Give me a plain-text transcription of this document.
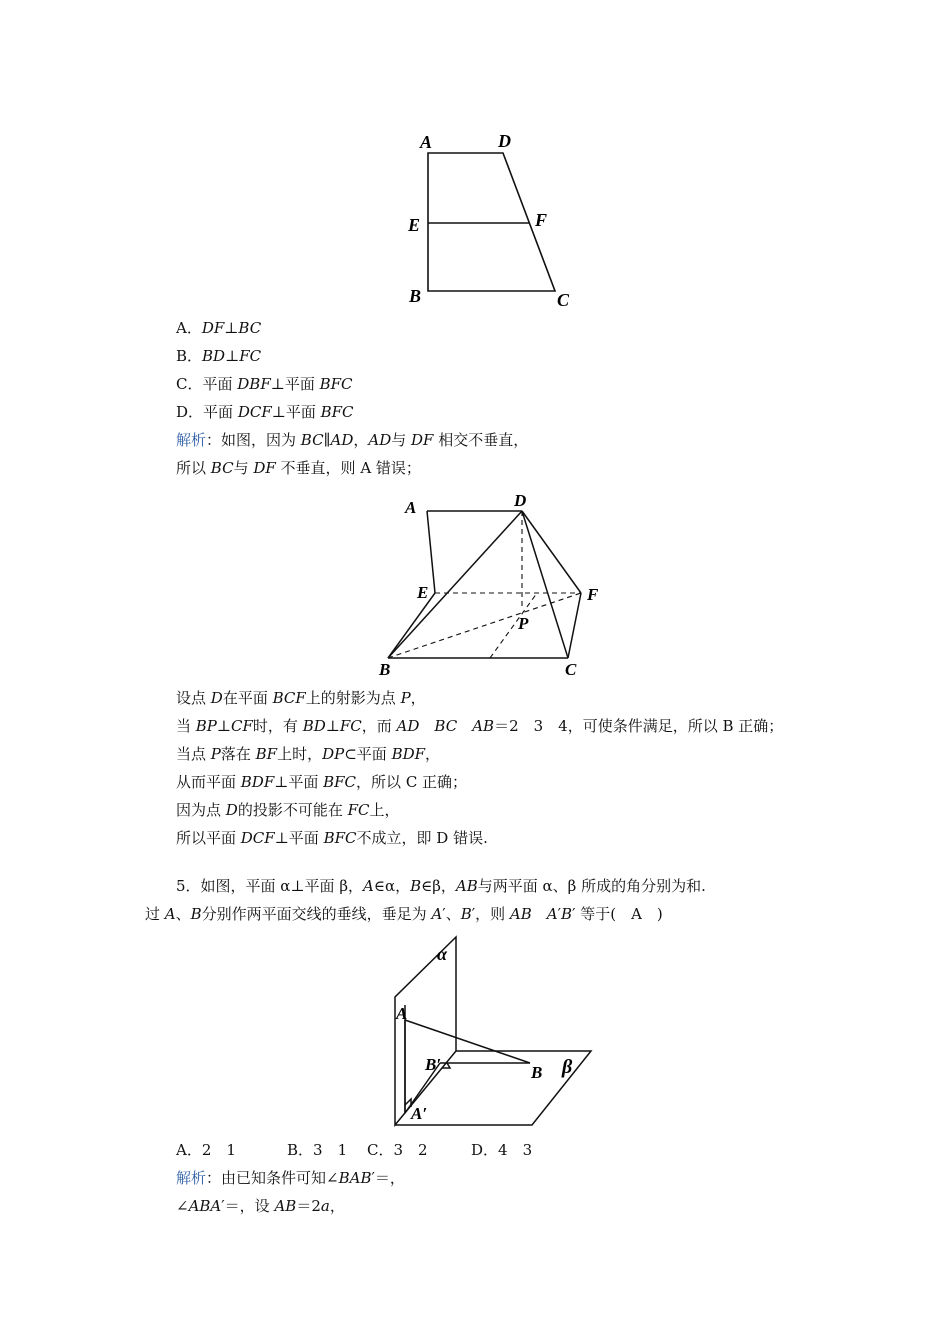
A	D
E	F
B	C
A．DF⊥BC
B．BD⊥FC
C．平面 DBF⊥平面 BFC
D．平面 DCF⊥平面 BFC
解析：如图，因为 BC∥AD，AD与 DF 相交不垂直，
所以 BC与 DF 不垂直，则 A 错误；
A	D
E	F
P
B	C
设点 D在平面 BCF上的射影为点 P，
当 BP⊥CF时，有 BD⊥FC，而 AD　 BC　 AB＝2　3　4，可使条件满足，所以 B 正确；
当点 P落在 BF上时，DP⊂平面 BDF，
从而平面 BDF⊥平面 BFC，所以 C 正确；
因为点 D的投影不可能在 FC上，
所以平面 DCF⊥平面 BFC不成立，即 D 错误.
5．如图，平面 α⊥平面 β，A∈α，B∈β，AB与两平面 α、β 所成的角分别为和.
过 A、B分别作两平面交线的垂线，垂足为 A′、B′，则 AB　 A′B′ 等于(　A　)
α
β
A
B′	B
A′
A．2　1	B．3　1 C．3　2	D．4　3
解析：由已知条件可知∠BAB′＝，
∠ABA′＝，设 AB＝2a，
